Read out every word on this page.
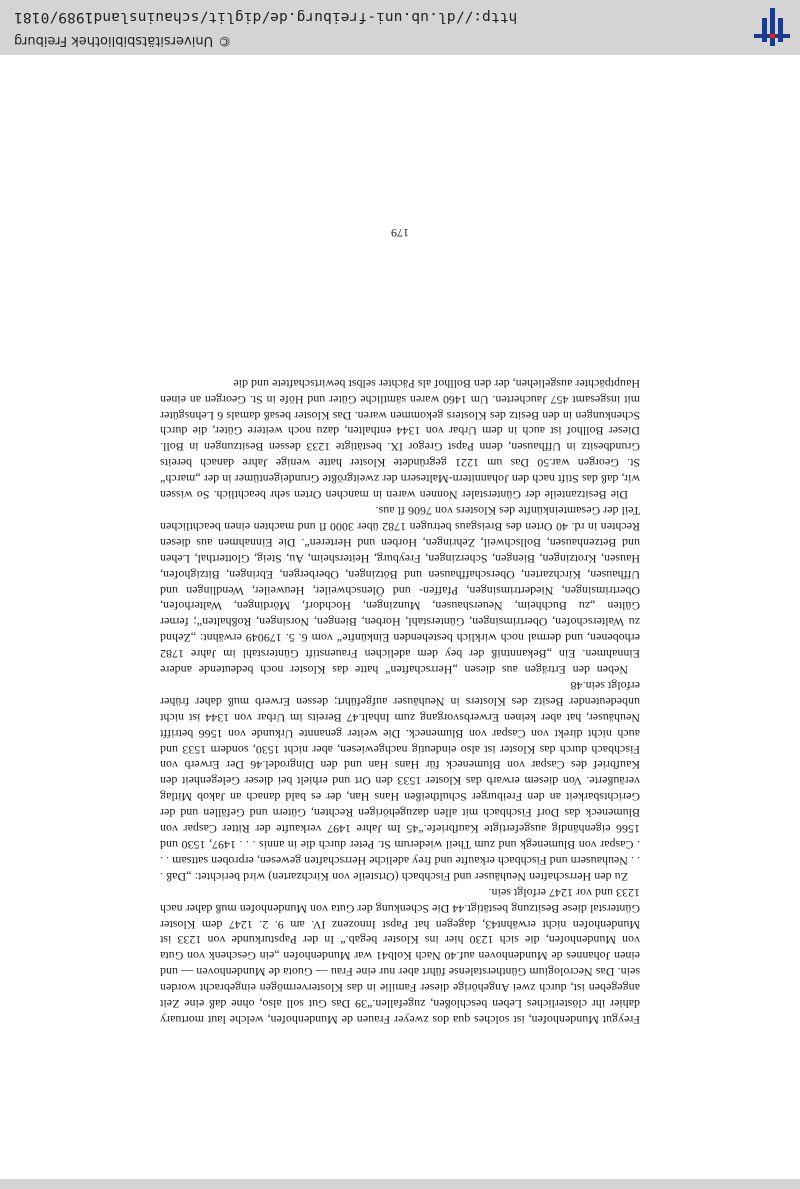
Freygut Mundenhofen, ist solches qua dos zweyer Frauen de Mundenhofen, welche laut mortuary dahier ihr clösterliches Leben beschloßen, zugefallen.“39 Das Gut soll also, ohne daß eine Zeit angegeben ist, durch zwei Angehörige dieser Familie in das Klostervermögen eingebracht worden sein. Das Necrologium Güntherstalense führt aber nur eine Frau — Guota de Mundenhoven — und einen Johannes de Mundenhoven auf.40 Nach Kolb41 war Mundenhofen „ein Geschenk von Guta von Mundenhofen, die sich 1230 hier ins Kloster begab.“ In der Papsturkunde von 1233 ist Mundenhofen nicht erwähnt43, dagegen hat Papst Innozenz IV. am 9. 2. 1247 dem Kloster Günterstal diese Besitzung bestätigt.44 Die Schenkung der Guta von Mundenhofen muß daher nach 1233 und vor 1247 erfolgt sein.

Zu den Herrschaften Neuhäuser und Fischbach (Ortsteile von Kirchzarten) wird berichtet: „Daß . . . Neuhausern und Fischbach erkaufte und frey adeliche Herrschaften gewesen, erproben sattsam . . . Caspar von Blumenegk und zum Theil wiederum St. Peter durch die in annis . . . 1497, 1530 und 1566 eigenhändig ausgefertigte Kaufbriefe.“45 Im Jahre 1497 verkaufte der Ritter Caspar von Blumeneck das Dorf Fischbach mit allen dazugehörigen Rechten, Gütern und Gefällen und der Gerichtsbarkeit an den Freiburger Schultheißen Hans Han, der es bald danach an Jakob Mitlag veräußerte. Von diesem erwarb das Kloster 1533 den Ort und erhielt bei dieser Gelegenheit den Kaufbrief des Caspar von Blumeneck für Hans Han und den Dingrodel.46 Der Erwerb von Fischbach durch das Kloster ist also eindeutig nachgewiesen, aber nicht 1530, sondern 1533 und auch nicht direkt von Caspar von Blumeneck. Die weiter genannte Urkunde von 1566 betrifft Neuhäuser, hat aber keinen Erwerbsvorgang zum Inhalt.47 Bereits im Urbar von 1344 ist nicht unbedeutender Besitz des Klosters in Neuhäuser aufgeführt; dessen Erwerb muß daher früher erfolgt sein.48

Neben den Erträgen aus diesen „Herrschaften“ hatte das Kloster noch bedeutende andere Einnahmen. Ein „Bekanntniß der bey dem adelichen Frauenstift Günterstahl im Jahre 1782 erhobenen, und dermal noch wirklich bestehenden Einkünfte“ vom 6. 5. 179049 erwähnt: „Zehnd zu Walterschofen, Obertrimsingen, Günterstahl, Horben, Biengen, Norsingen, Roßhalten“; ferner Gülten „zu Buchheim, Neuershausen, Munzingen, Hochdorf, Mördingen, Walterhofen, Obertrimsingen, Niedertrimsingen, Pfaffen- und Ölenschweiler, Heuweiler, Wendlingen und Uffhausen, Kirchzarten, Oberschaffhausen und Bötzingen, Oberbergen, Ebringen, Bitzighofen, Hausen, Krotzingen, Biengen, Scherzingen, Freyburg, Heitersheim, Au, Steig, Glotterthal, Lehen und Betzenhausen, Bollschweil, Zehringen, Horben und Herteren“. Die Einnahmen aus diesen Rechten in rd. 40 Orten des Breisgaus betrugen 1782 über 3000 fl und machten einen beachtlichen Teil der Gesamteinkünfte des Klosters von 7606 fl aus.

Die Besitzanteile der Günterstaler Nonnen waren in manchen Orten sehr beachtlich. So wissen wir, daß das Stift nach den Johannitern-Maltesern der zweitgrößte Grundeigentümer in der „march“ St. Georgen war.50 Das um 1221 gegründete Kloster hatte wenige Jahre danach bereits Grundbesitz in Uffhausen, denn Papst Gregor IX. bestätigte 1233 dessen Besitzungen in Boll. Dieser Bollhof ist auch in dem Urbar von 1344 enthalten, dazu noch weitere Güter, die durch Schenkungen in den Besitz des Klosters gekommen waren. Das Kloster besaß damals 6 Lehnsgüter mit insgesamt 457 Jaucherten. Um 1460 waren sämtliche Güter und Höfe in St. Georgen an einen Hauptpächter ausgeliehen, der den Bollhof als Pächter selbst bewirtschaftete und die

179
©
Universitätsbibliothek Freiburg
http://dl.ub.uni-freiburg.de/diglit/schauinsland1989/0181
